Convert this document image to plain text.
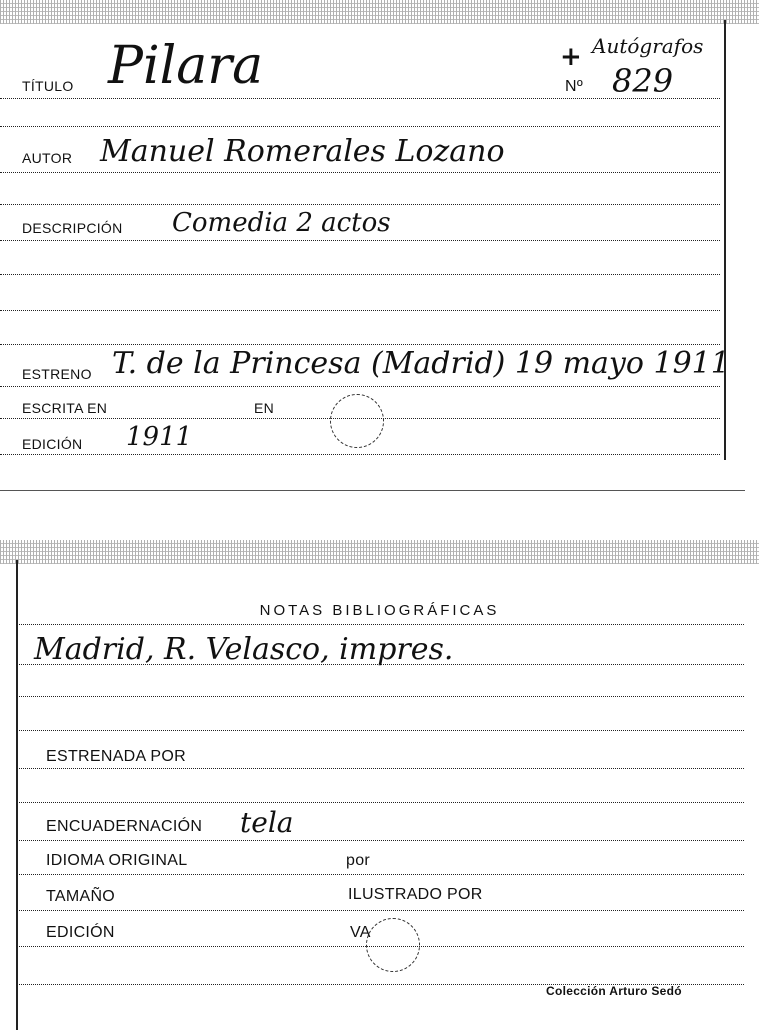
Autógrafos
+
TÍTULO Pilara	Nº 829
AUTOR Manuel Romerales Lozano
DESCRIPCIÓN Comedia 2 actos
ESTRENO T. de la Princesa (Madrid) 19 mayo 1911
ESCRITA EN	EN
EDICIÓN 1911
NOTAS BIBLIOGRÁFICAS
Madrid, R. Velasco, impres.
ESTRENADA POR
ENCUADERNACIÓN tela
IDIOMA ORIGINAL	por
TAMAÑO	ILUSTRADO POR
EDICIÓN	VA
Colección Arturo Sedó
